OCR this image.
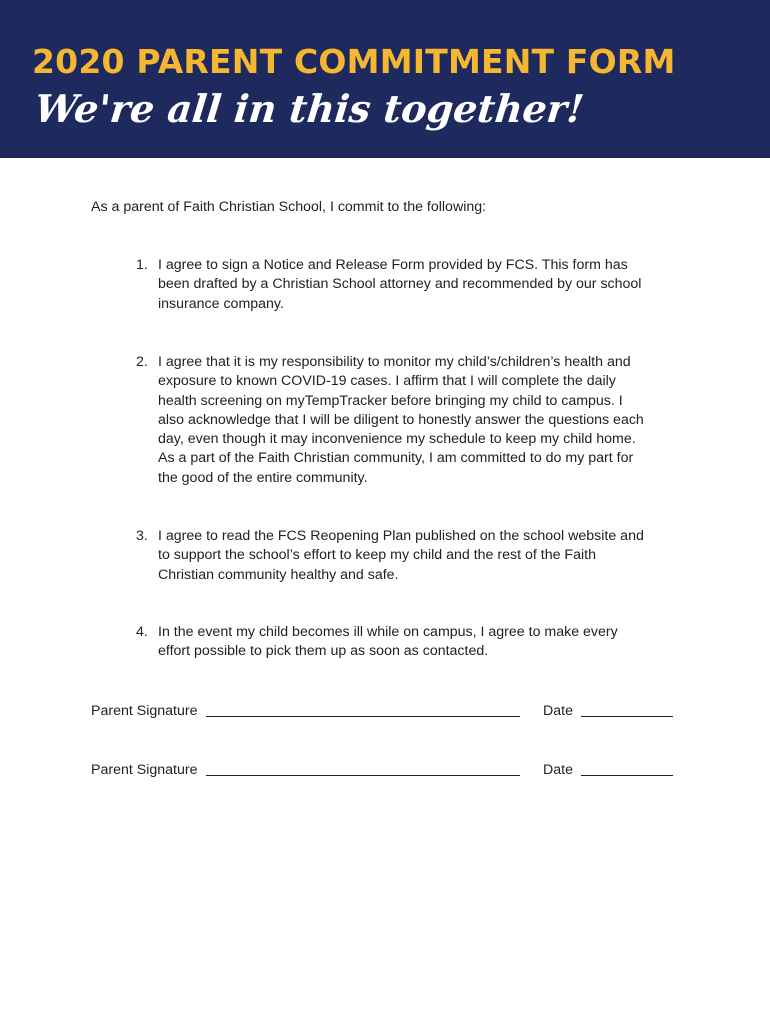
2020 PARENT COMMITMENT FORM
We're all in this together!
As a parent of Faith Christian School, I commit to the following:
1. I agree to sign a Notice and Release Form provided by FCS. This form has
been drafted by a Christian School attorney and recommended by our school
insurance company.
2. I agree that it is my responsibility to monitor my child’s/children’s health and
exposure to known COVID-19 cases. I affirm that I will complete the daily
health screening on myTempTracker before bringing my child to campus. I
also acknowledge that I will be diligent to honestly answer the questions each
day, even though it may inconvenience my schedule to keep my child home.
As a part of the Faith Christian community, I am committed to do my part for
the good of the entire community.
3. I agree to read the FCS Reopening Plan published on the school website and
to support the school’s effort to keep my child and the rest of the Faith
Christian community healthy and safe.
4. In the event my child becomes ill while on campus, I agree to make every
effort possible to pick them up as soon as contacted.
Parent Signature	Date
Parent Signature	Date
